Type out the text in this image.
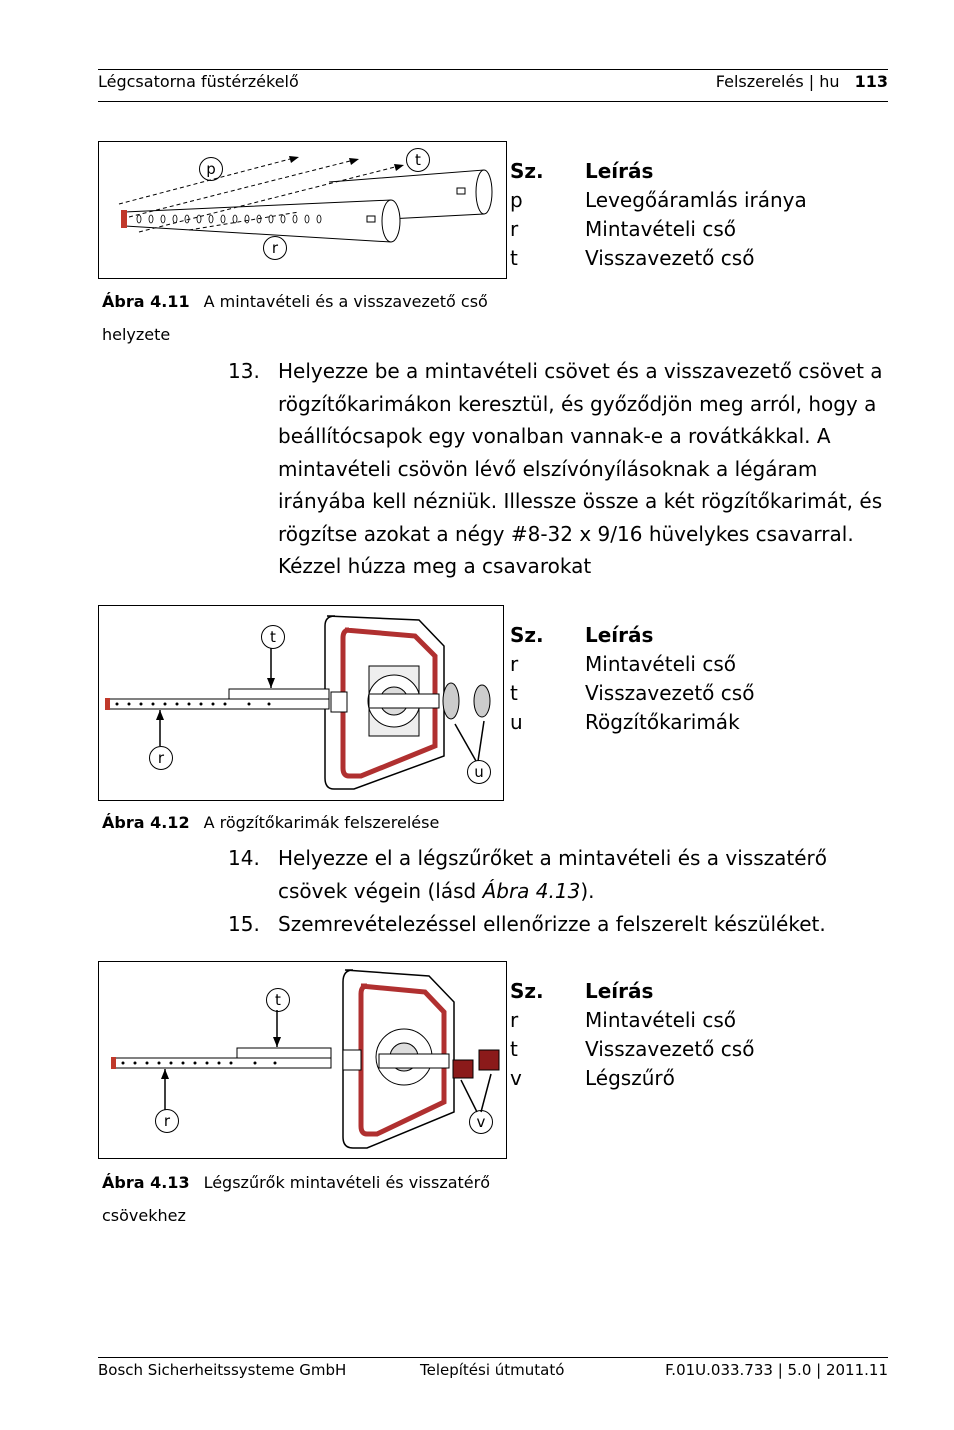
Légcsatorna füstérzékelő	Felszerelés | hu 113
p	t
r
Sz.	Leírás
p	Levegőáramlás iránya
r	Mintavételi cső
t	Visszavezető cső
Ábra 4.11 A mintavételi és a visszavezető cső helyzete
13. Helyezze be a mintavételi csövet és a visszavezető csövet a rögzítőkarimákon keresztül, és győződjön meg arról, hogy a beállítócsapok egy vonalban vannak-e a rovátkákkal. A mintavételi csövön lévő elszívónyílásoknak a légáram irányába kell nézniük. Illessze össze a két rögzítőkarimát, és rögzítse azokat a négy #8-32 x 9/16 hüvelykes csavarral. Kézzel húzza meg a csavarokat
t
r
u
Sz.	Leírás
r	Mintavételi cső
t	Visszavezető cső
u	Rögzítőkarimák
Ábra 4.12 A rögzítőkarimák felszerelése
14. Helyezze el a légszűrőket a mintavételi és a visszatérő csövek végein (lásd Ábra 4.13).
15. Szemrevételezéssel ellenőrizze a felszerelt készüléket.
t
r	v
Sz.	Leírás
r	Mintavételi cső
t	Visszavezető cső
v	Légszűrő
Ábra 4.13 Légszűrők mintavételi és visszatérő csövekhez
Bosch Sicherheitssysteme GmbH	Telepítési útmutató	F.01U.033.733 | 5.0 | 2011.11
